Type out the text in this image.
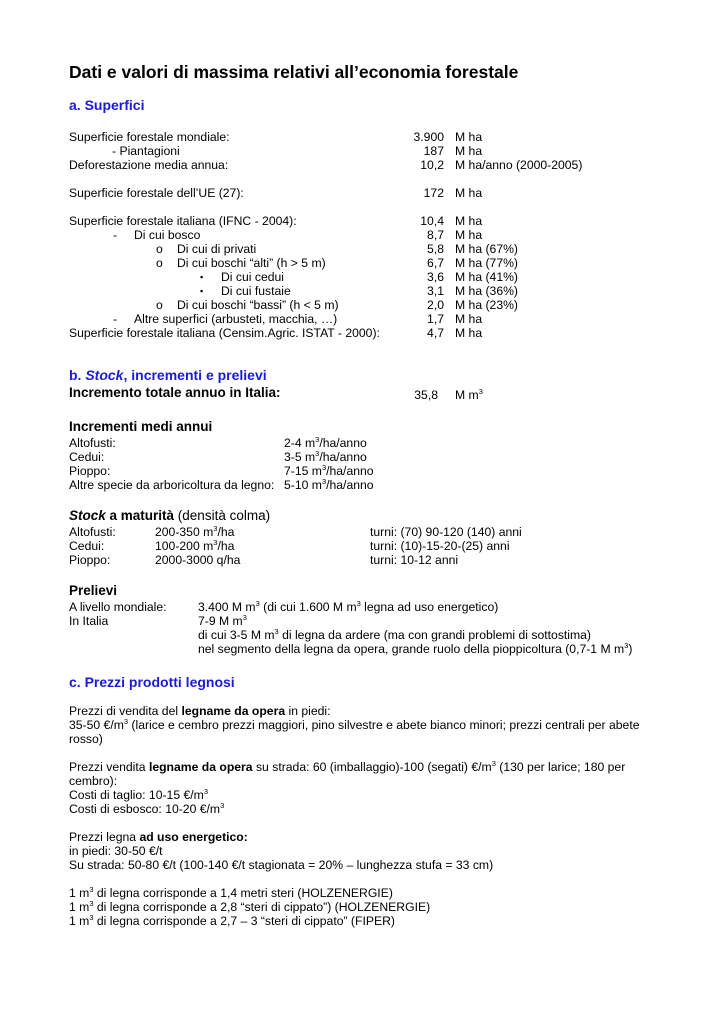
Dati e valori di massima relativi all’economia forestale
a. Superfici
Superficie forestale mondiale:	3.900 M ha
- Piantagioni	187 M ha
Deforestazione media annua:	10,2 M ha/anno (2000-2005)
Superficie forestale dell’UE (27):	172 M ha
Superficie forestale italiana (IFNC - 2004):	10,4 M ha
- Di cui bosco	8,7 M ha
o Di cui di privati	5,8 M ha (67%)
o Di cui boschi “alti” (h > 5 m)	6,7 M ha (77%)
▪ Di cui cedui	3,6 M ha (41%)
▪ Di cui fustaie	3,1 M ha (36%)
o Di cui boschi “bassi” (h < 5 m)	2,0 M ha (23%)
- Altre superfici (arbusteti, macchia, …)	1,7 M ha
Superficie forestale italiana (Censim.Agric. ISTAT - 2000):	4,7 M ha
b. Stock, incrementi e prelievi
Incremento totale annuo in Italia:	35,8 M $m^3$
Incrementi medi annui
Altofusti:	2-4 $m^3/ha$/anno
Cedui:	3-5 $m^3/ha$/anno
Pioppo:	7-15 $m^3/ha$/anno
Altre specie da arboricoltura da legno: 5-10 $m^3/ha$/anno
Stock a maturità (densità colma)
Altofusti:	200-350 $m^3/ha$	turni: (70) 90-120 (140) anni
Cedui:	100-200 $m^3/ha$	turni: (10)-15-20-(25) anni
Pioppo:	2000-3000 q/ha	turni: 10-12 anni
Prelievi
A livello mondiale:	3.400 M $m^3$ (di cui 1.600 M $m^3$ legna ad uso energetico)
In Italia	7-9 M $m^3$
di cui 3-5 M $m^3$ di legna da ardere (ma con grandi problemi di sottostima)
nel segmento della legna da opera, grande ruolo della pioppicoltura (0,7-1 M $m^3$)
c. Prezzi prodotti legnosi
Prezzi di vendita del legname da opera in piedi:
35-50 $€/m^3$ (larice e cembro prezzi maggiori, pino silvestre e abete bianco minori; prezzi centrali per abete rosso)
Prezzi vendita legname da opera su strada: 60 (imballaggio)-100 (segati) $€/m^3$ (130 per larice; 180 per cembro):
Costi di taglio: 10-15 $€/m^3$
Costi di esbosco: 10-20 $€/m^3$
Prezzi legna ad uso energetico:
in piedi: 30-50 €/t
Su strada: 50-80 €/t (100-140 €/t stagionata = 20% – lunghezza stufa = 33 cm)
1 $m^3$ di legna corrisponde a 1,4 metri steri (HOLZENERGIE)
1 $m^3$ di legna corrisponde a 2,8 “steri di cippato”) (HOLZENERGIE)
1 $m^3$ di legna corrisponde a 2,7 – 3 “steri di cippato” (FIPER)
